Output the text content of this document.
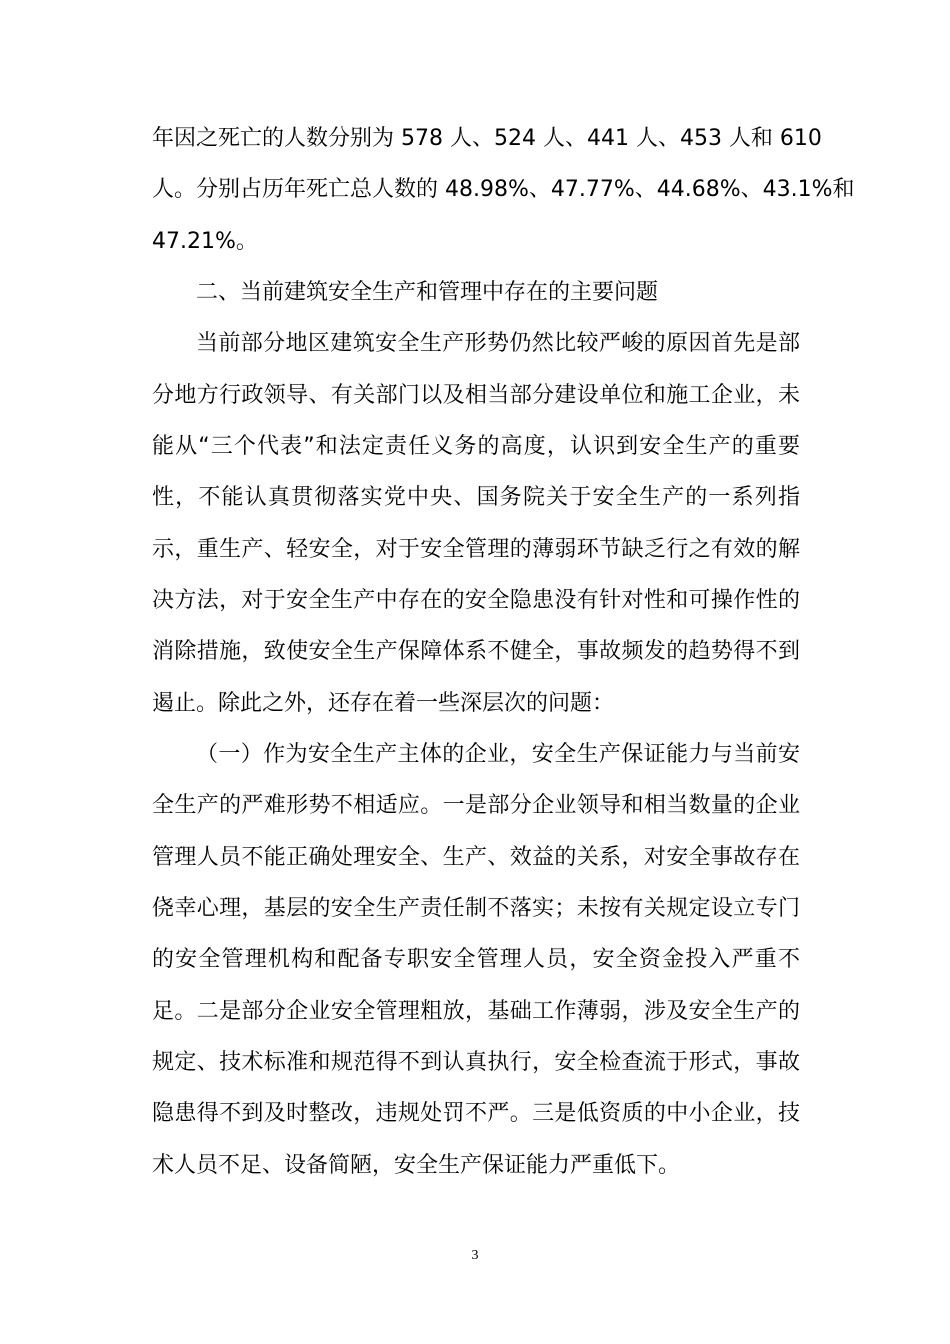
年因之死亡的人数分别为 578 人、524 人、441 人、453 人和 610
人。分别占历年死亡总人数的 48.98%、47.77%、44.68%、43.1%和
47.21%。
二、当前建筑安全生产和管理中存在的主要问题
当前部分地区建筑安全生产形势仍然比较严峻的原因首先是部
分地方行政领导、有关部门以及相当部分建设单位和施工企业，未
能从“三个代表”和法定责任义务的高度，认识到安全生产的重要
性，不能认真贯彻落实党中央、国务院关于安全生产的一系列指
示，重生产、轻安全，对于安全管理的薄弱环节缺乏行之有效的解
决方法，对于安全生产中存在的安全隐患没有针对性和可操作性的
消除措施，致使安全生产保障体系不健全，事故频发的趋势得不到
遏止。除此之外，还存在着一些深层次的问题：
（一）作为安全生产主体的企业，安全生产保证能力与当前安
全生产的严难形势不相适应。一是部分企业领导和相当数量的企业
管理人员不能正确处理安全、生产、效益的关系，对安全事故存在
侥幸心理，基层的安全生产责任制不落实；未按有关规定设立专门
的安全管理机构和配备专职安全管理人员，安全资金投入严重不
足。二是部分企业安全管理粗放，基础工作薄弱，涉及安全生产的
规定、技术标准和规范得不到认真执行，安全检查流于形式，事故
隐患得不到及时整改，违规处罚不严。三是低资质的中小企业，技
术人员不足、设备简陋，安全生产保证能力严重低下。
3
